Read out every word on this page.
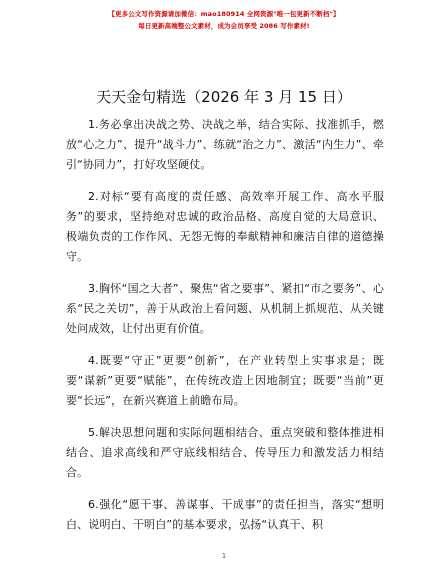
【更多公文写作资源请加微信：mao180914 全网资源"唯一包更新不断档"】
每日更新高端整公文素材，成为会员享受 2086 写作素材!
天天金句精选（2026 年 3 月 15 日）

1.务必拿出决战之势、决战之举，结合实际、找准抓手，燃放“心之力”、提升“战斗力”、练就“治之力”、激活“内生力”、牵引“协同力”，打好攻坚硬仗。

2.对标“要有高度的责任感、高效率开展工作、高水平服务”的要求，坚持绝对忠诚的政治品格、高度自觉的大局意识、极端负责的工作作风、无怨无悔的奉献精神和廉洁自律的道德操守。

3.胸怀“国之大者”、聚焦“省之要事”、紧扣“市之要务”、心系“民之关切”，善于从政治上看问题、从机制上抓规范、从关键处问成效，让付出更有价值。

4.既要“守正”更要“创新”，在产业转型上实事求是；既要“谋新”更要“赋能”，在传统改造上因地制宜；既要“当前”更要“长远”，在新兴赛道上前瞻布局。

5.解决思想问题和实际问题相结合、重点突破和整体推进相结合、追求高线和严守底线相结合、传导压力和激发活力相结合。

6.强化“愿干事、善谋事、干成事”的责任担当，落实“想明白、说明白、干明白”的基本要求，弘扬“认真干、积

1
